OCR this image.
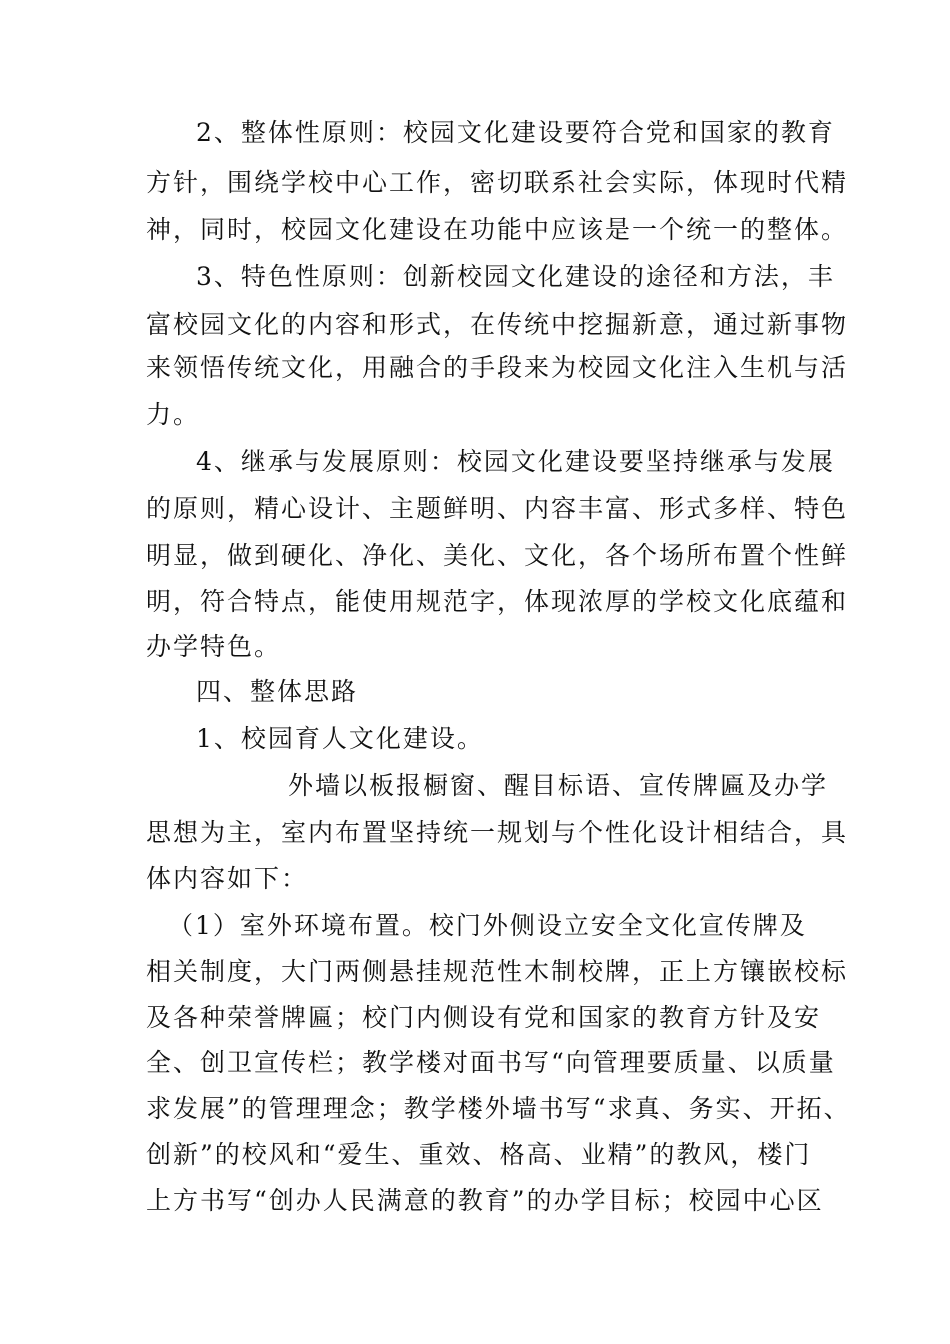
2、整体性原则：校园文化建设要符合党和国家的教育

方针，围绕学校中心工作，密切联系社会实际，体现时代精

神，同时，校园文化建设在功能中应该是一个统一的整体。

3、特色性原则：创新校园文化建设的途径和方法，丰

富校园文化的内容和形式，在传统中挖掘新意，通过新事物

来领悟传统文化，用融合的手段来为校园文化注入生机与活

力。

4、继承与发展原则：校园文化建设要坚持继承与发展

的原则，精心设计、主题鲜明、内容丰富、形式多样、特色

明显，做到硬化、净化、美化、文化，各个场所布置个性鲜

明，符合特点，能使用规范字，体现浓厚的学校文化底蕴和

办学特色。

四、整体思路

1、校园育人文化建设。

外墙以板报橱窗、醒目标语、宣传牌匾及办学

思想为主，室内布置坚持统一规划与个性化设计相结合，具

体内容如下：

（1）室外环境布置。校门外侧设立安全文化宣传牌及

相关制度，大门两侧悬挂规范性木制校牌，正上方镶嵌校标

及各种荣誉牌匾；校门内侧设有党和国家的教育方针及安

全、创卫宣传栏；教学楼对面书写“向管理要质量、以质量

求发展”的管理理念；教学楼外墙书写“求真、务实、开拓、

创新”的校风和“爱生、重效、格高、业精”的教风，楼门

上方书写“创办人民满意的教育”的办学目标；校园中心区
